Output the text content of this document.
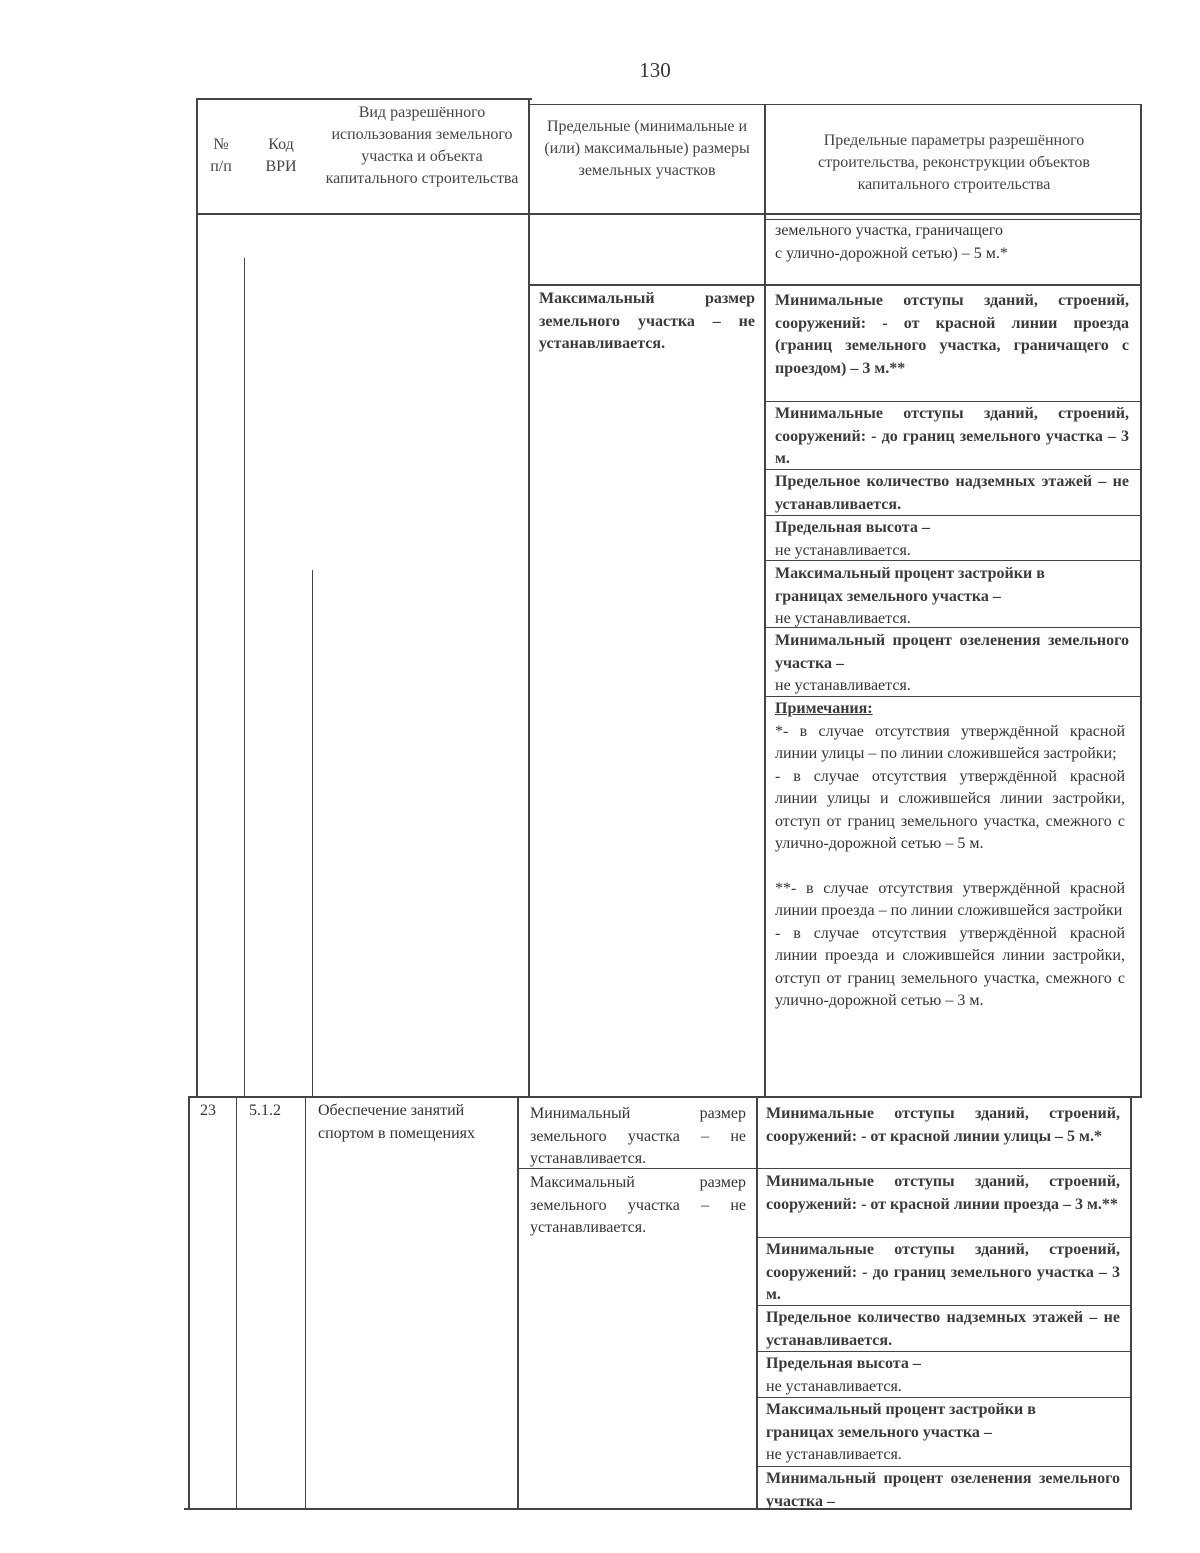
130
№
п/п
Код
ВРИ
Вид разрешённого использования земельного участка и объекта капитального строительства
Предельные (минимальные и (или) максимальные) размеры земельных участков
Предельные параметры разрешённого строительства, реконструкции объектов капитального строительства
земельного участка, граничащего
с улично-дорожной сетью) – 5 м.*
Максимальный размер земельного участка – не устанавливается.
Минимальные отступы зданий, строений, сооружений: - от красной линии проезда (границ земельного участка, граничащего с проездом) – 3 м.**
Минимальные отступы зданий, строений, сооружений: - до границ земельного участка – 3 м.
Предельное количество надземных этажей – не устанавливается.
Предельная высота –
не устанавливается.
Максимальный процент застройки в границах земельного участка –
не устанавливается.
Минимальный процент озеленения земельного участка –
не устанавливается.
Примечания:
*- в случае отсутствия утверждённой красной линии улицы – по линии сложившейся застройки;
- в случае отсутствия утверждённой красной линии улицы и сложившейся линии застройки, отступ от границ земельного участка, смежного с улично-дорожной сетью – 5 м.
**- в случае отсутствия утверждённой красной линии проезда – по линии сложившейся застройки
- в случае отсутствия утверждённой красной линии проезда и сложившейся линии застройки, отступ от границ земельного участка, смежного с улично-дорожной сетью – 3 м.
23	5.1.2	Обеспечение занятий спортом в помещениях
Минимальный размер земельного участка – не устанавливается.
Максимальный размер земельного участка – не устанавливается.
Минимальные отступы зданий, строений, сооружений: - от красной линии улицы – 5 м.*
Минимальные отступы зданий, строений, сооружений: - от красной линии проезда – 3 м.**
Минимальные отступы зданий, строений, сооружений: - до границ земельного участка – 3 м.
Предельное количество надземных этажей – не устанавливается.
Предельная высота –
не устанавливается.
Максимальный процент застройки в границах земельного участка –
не устанавливается.
Минимальный процент озеленения земельного участка –
